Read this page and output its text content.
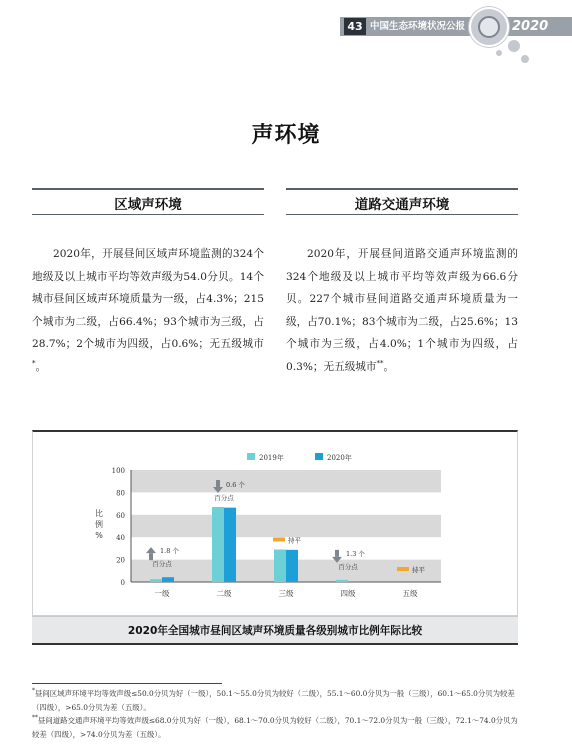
43 中国生态环境状况公报	2020
声环境
区域声环境	道路交通声环境
2020年，开展昼间区域声环境监测的324个地级及以上城市平均等效声级为54.0分贝。14个城市昼间区域声环境质量为一级，占4.3%；215个城市为二级，占66.4%；93个城市为三级，占28.7%；2个城市为四级，占0.6%；无五级城市*。
2020年，开展昼间道路交通声环境监测的324个地级及以上城市平均等效声级为66.6分贝。227个城市昼间道路交通声环境质量为一级，占70.1%；83个城市为二级，占25.6%；13个城市为三级，占4.0%；1个城市为四级，占0.3%；无五级城市**。
0
20
40
60
80
100
比
例
%
一级	二级	三级	四级	五级
2019年	2020年
1.8 个
百分点
0.6 个
百分点
持平
1.3 个
百分点	持平
2020年全国城市昼间区域声环境质量各级别城市比例年际比较
*昼间区域声环境平均等效声级≤50.0分贝为好（一级），50.1～55.0分贝为较好（二级），55.1～60.0分贝为一般（三级），60.1～65.0分贝为较差（四级），>65.0分贝为差（五级）。
**昼间道路交通声环境平均等效声级≤68.0分贝为好（一级），68.1～70.0分贝为较好（二级），70.1～72.0分贝为一般（三级），72.1～74.0分贝为较差（四级），>74.0分贝为差（五级）。
